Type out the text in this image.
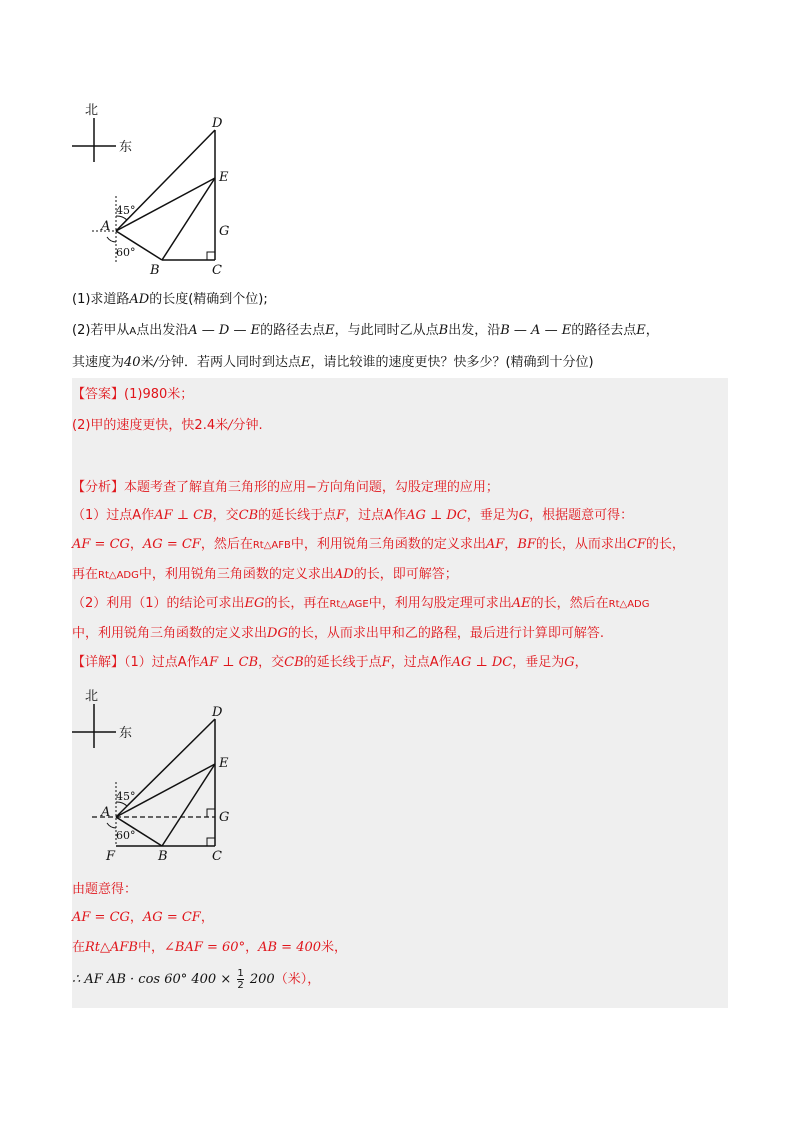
北
东
D
E
G
C
B
A
45°
60°
(1)求道路AD的长度(精确到个位);
(2)若甲从A点出发沿A — D — E的路径去点E，与此同时乙从点B出发，沿B — A — E的路径去点E，
其速度为40米/分钟．若两人同时到达点E，请比较谁的速度更快？快多少？(精确到十分位)
【答案】(1)980米；
(2)甲的速度更快，快2.4米/分钟.
【分析】本题考查了解直角三角形的应用−方向角问题，勾股定理的应用；
（1）过点A作AF ⊥ CB，交CB的延长线于点F，过点A作AG ⊥ DC，垂足为G，根据题意可得：
AF = CG，AG = CF，然后在Rt△AFB中，利用锐角三角函数的定义求出AF，BF的长，从而求出CF的长，
再在Rt△ADG中，利用锐角三角函数的定义求出AD的长，即可解答；
（2）利用（1）的结论可求出EG的长，再在Rt△AGE中，利用勾股定理可求出AE的长，然后在Rt△ADG
中，利用锐角三角函数的定义求出DG的长，从而求出甲和乙的路程，最后进行计算即可解答.
【详解】（1）过点A作AF ⊥ CB，交CB的延长线于点F，过点A作AG ⊥ DC，垂足为G，
北
东
D
E
G
C
B
F
A
45°
60°
由题意得：
AF = CG，AG = CF，
在Rt△AFB中，∠BAF = 60°，AB = 400米，
∴ AF AB · cos 60° $400 \times \frac{1}{2} 200$（米），
